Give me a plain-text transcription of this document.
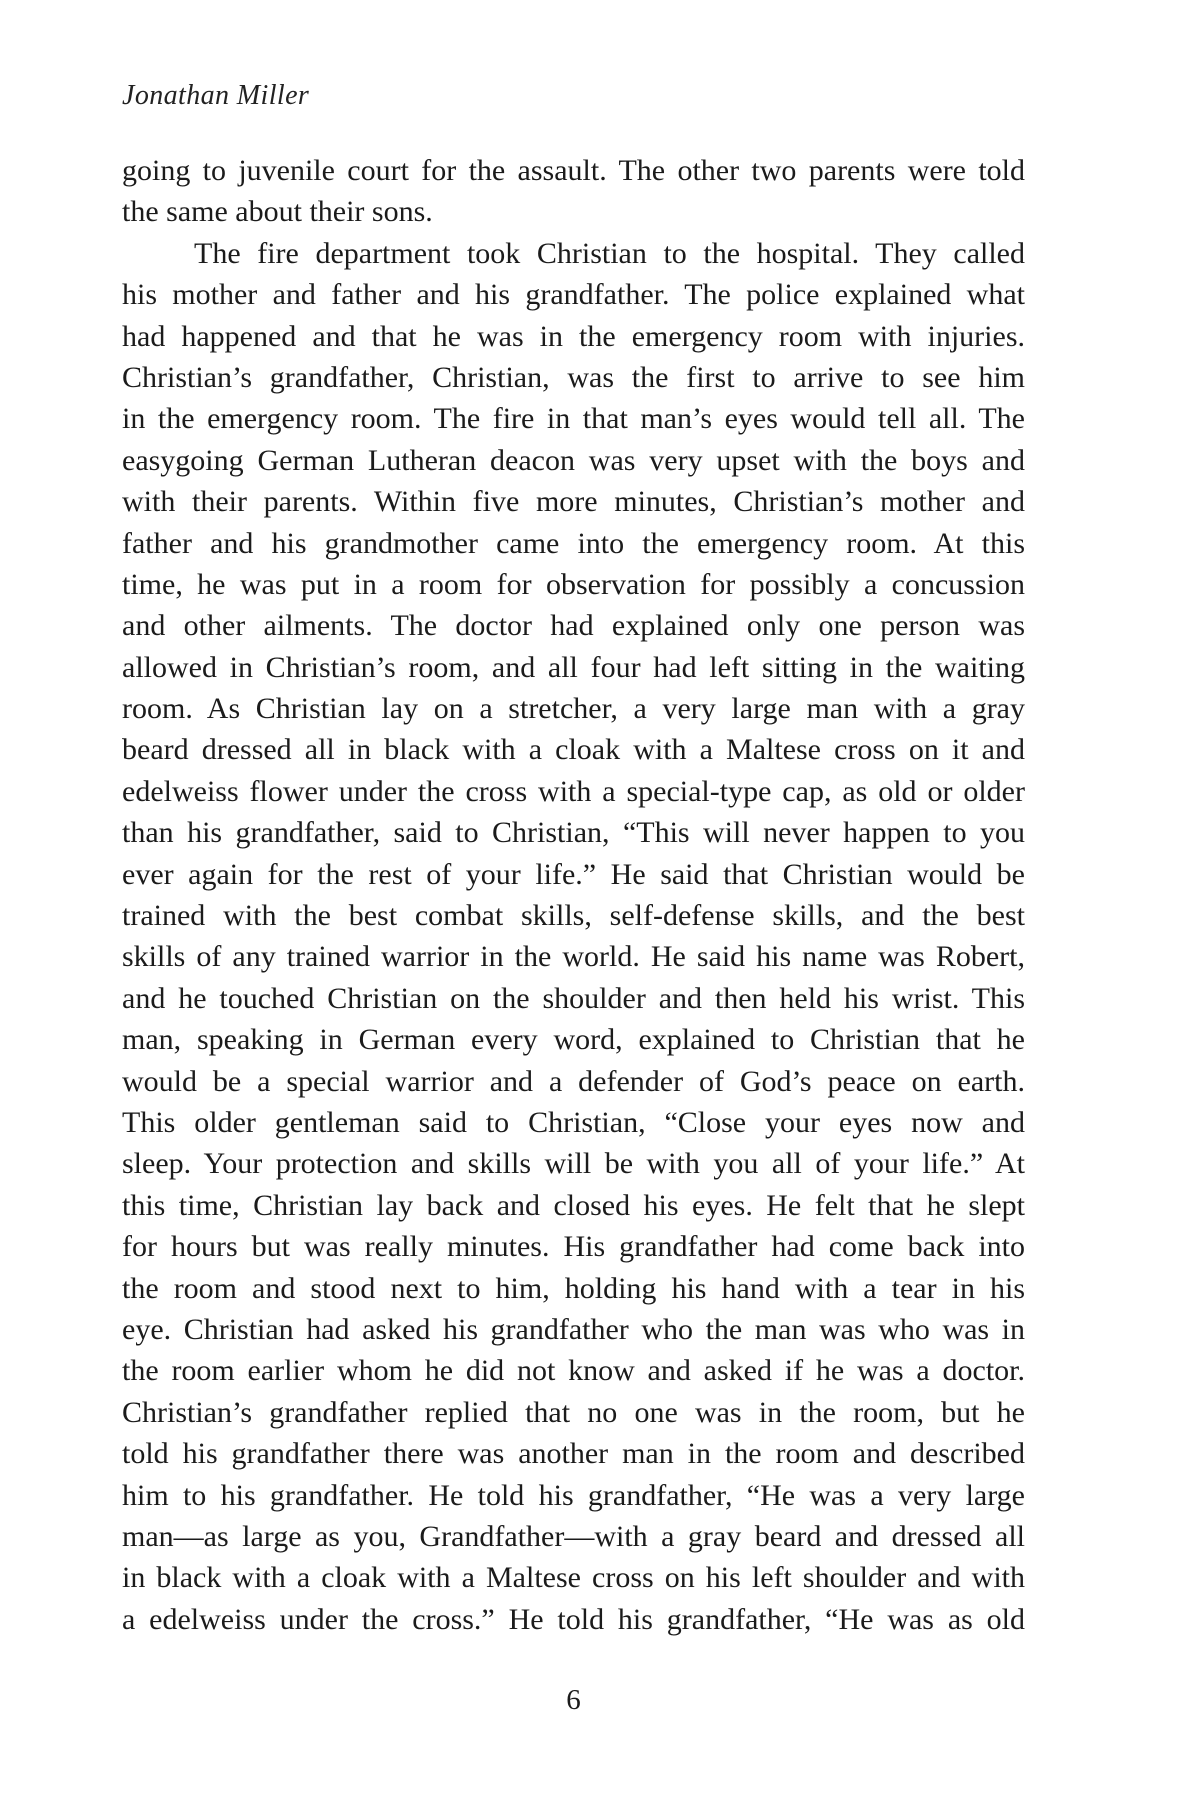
Jonathan Miller
going to juvenile court for the assault. The other two parents were told
the same about their sons.
The fire department took Christian to the hospital. They called
his mother and father and his grandfather. The police explained what
had happened and that he was in the emergency room with injuries.
Christian’s grandfather, Christian, was the first to arrive to see him
in the emergency room. The fire in that man’s eyes would tell all. The
easygoing German Lutheran deacon was very upset with the boys and
with their parents. Within five more minutes, Christian’s mother and
father and his grandmother came into the emergency room. At this
time, he was put in a room for observation for possibly a concussion
and other ailments. The doctor had explained only one person was
allowed in Christian’s room, and all four had left sitting in the waiting
room. As Christian lay on a stretcher, a very large man with a gray
beard dressed all in black with a cloak with a Maltese cross on it and
edelweiss flower under the cross with a special-type cap, as old or older
than his grandfather, said to Christian, “This will never happen to you
ever again for the rest of your life.” He said that Christian would be
trained with the best combat skills, self-defense skills, and the best
skills of any trained warrior in the world. He said his name was Robert,
and he touched Christian on the shoulder and then held his wrist. This
man, speaking in German every word, explained to Christian that he
would be a special warrior and a defender of God’s peace on earth.
This older gentleman said to Christian, “Close your eyes now and
sleep. Your protection and skills will be with you all of your life.” At
this time, Christian lay back and closed his eyes. He felt that he slept
for hours but was really minutes. His grandfather had come back into
the room and stood next to him, holding his hand with a tear in his
eye. Christian had asked his grandfather who the man was who was in
the room earlier whom he did not know and asked if he was a doctor.
Christian’s grandfather replied that no one was in the room, but he
told his grandfather there was another man in the room and described
him to his grandfather. He told his grandfather, “He was a very large
man—as large as you, Grandfather—with a gray beard and dressed all
in black with a cloak with a Maltese cross on his left shoulder and with
a edelweiss under the cross.” He told his grandfather, “He was as old
6
